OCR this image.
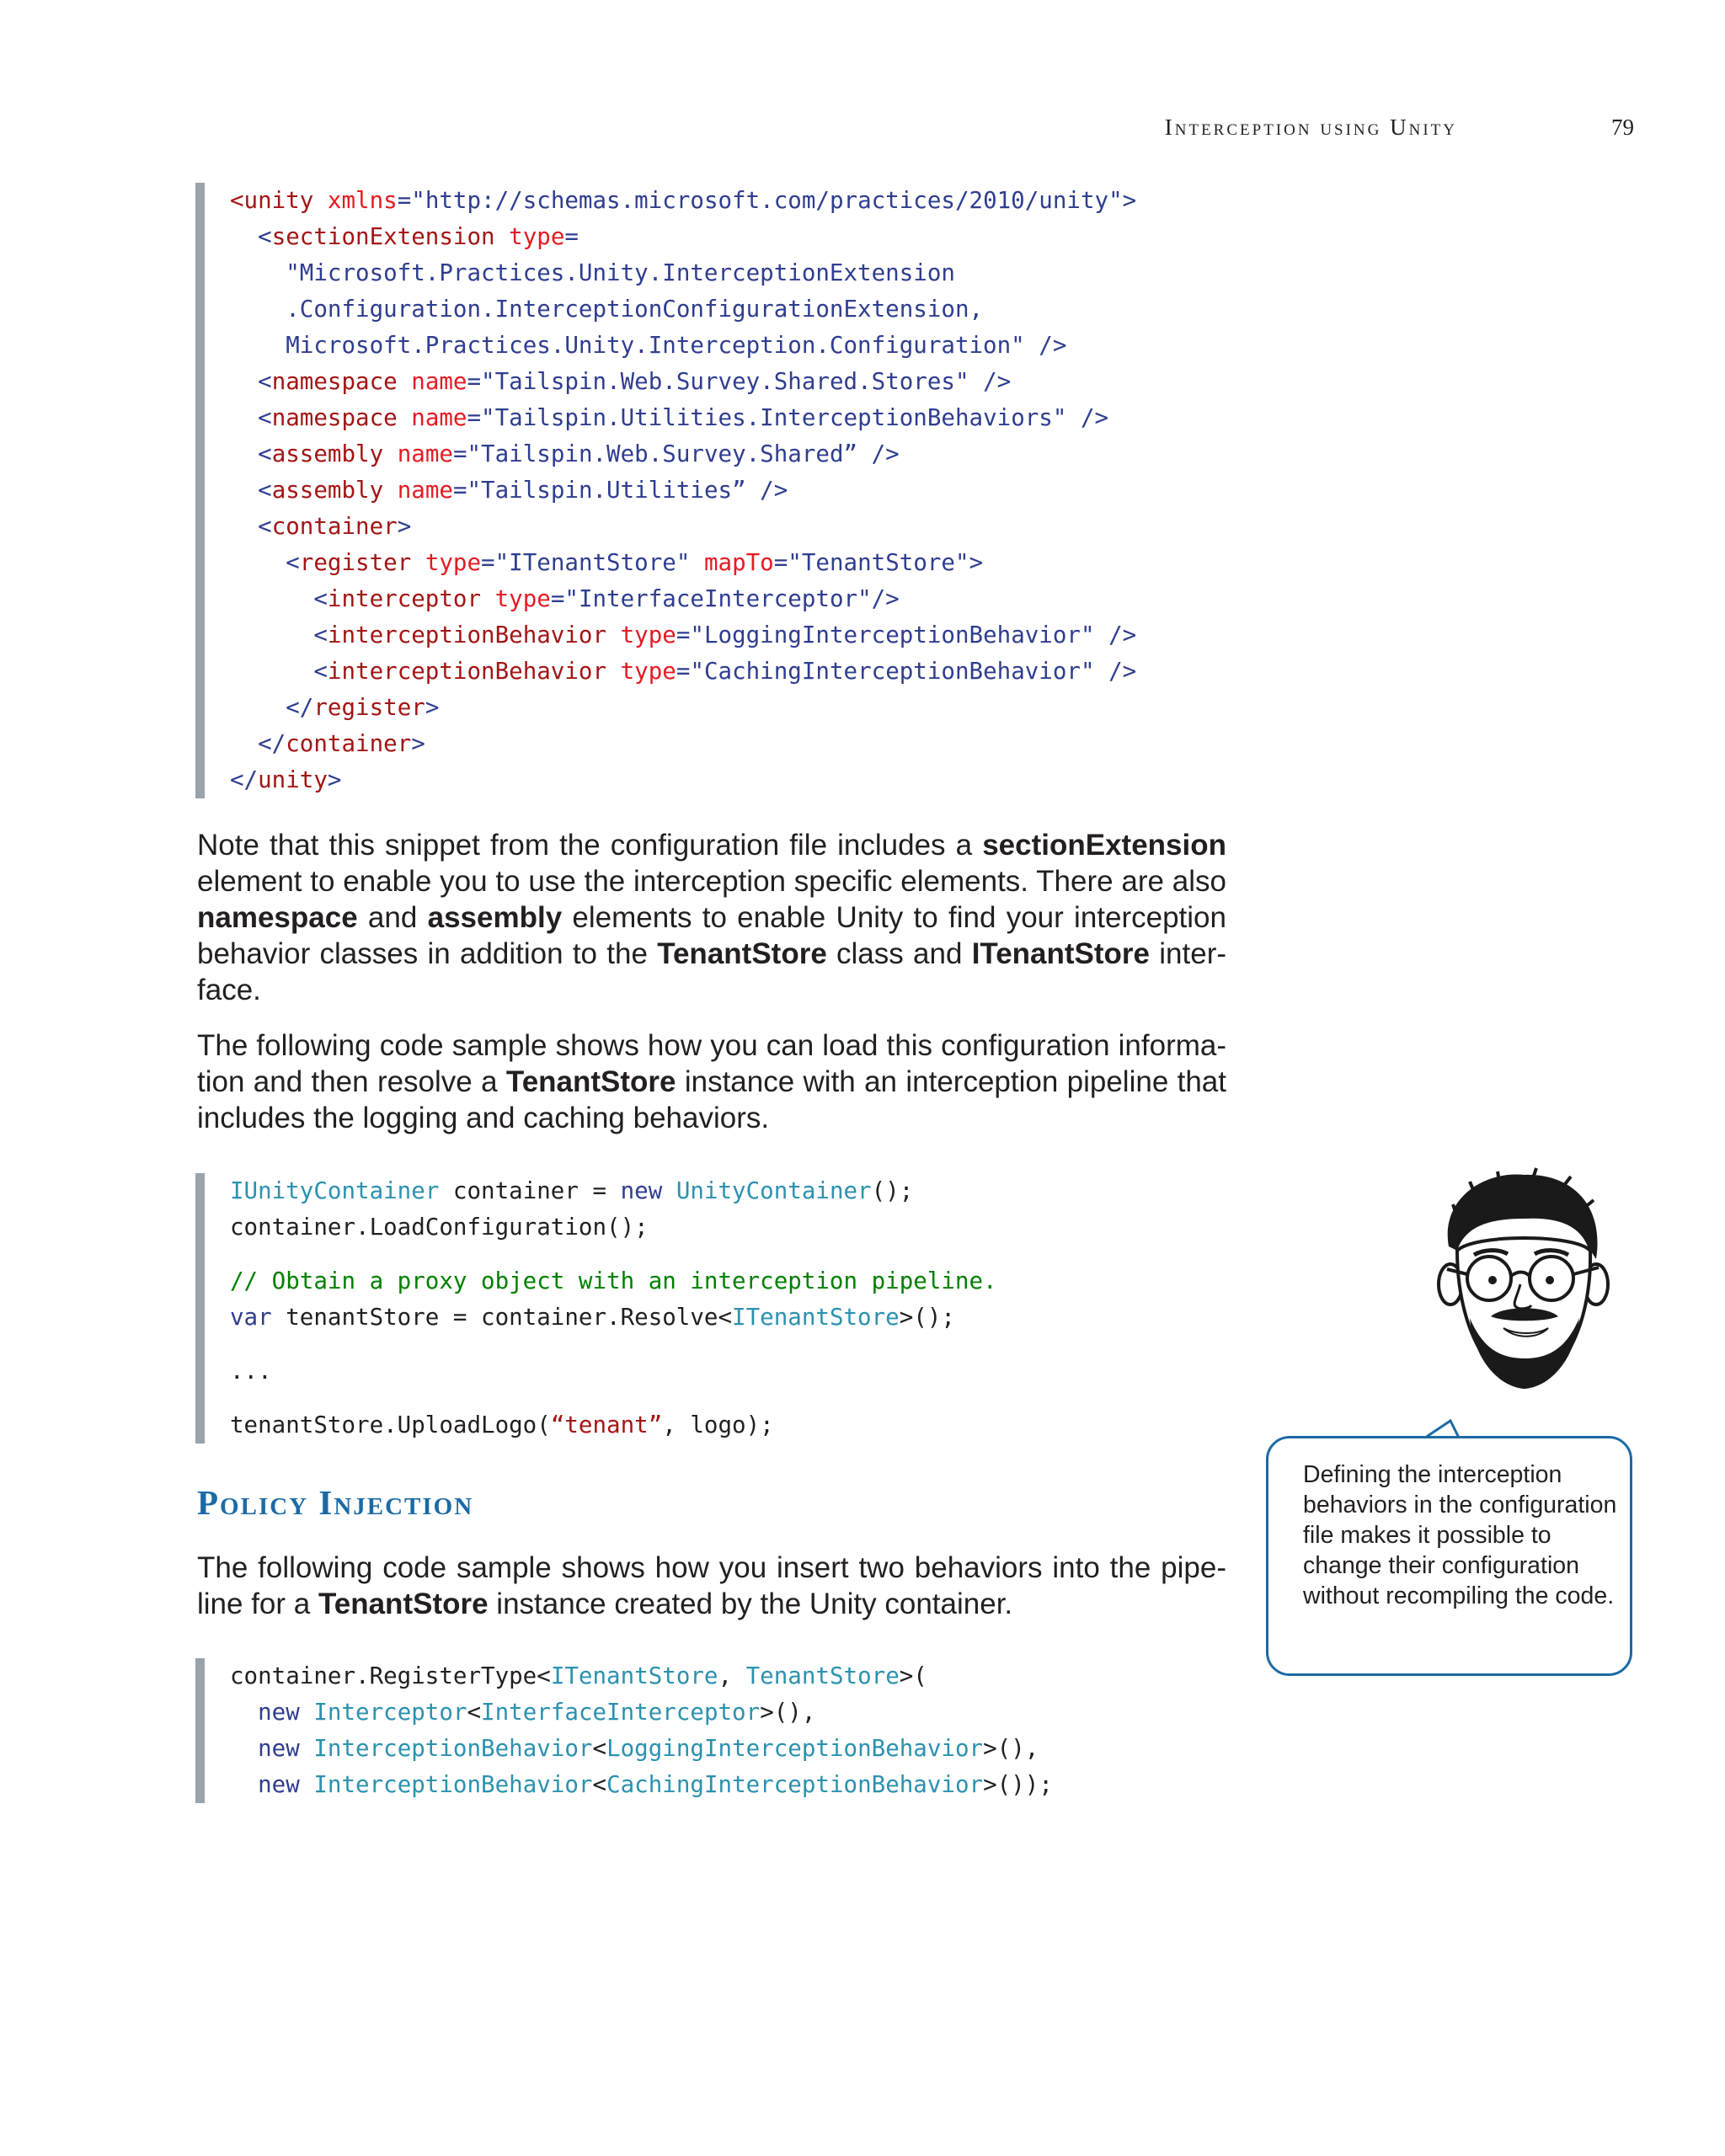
Interception using Unity	79
<unity xmlns="http://schemas.microsoft.com/practices/2010/unity">
<sectionExtension type=
"Microsoft.Practices.Unity.InterceptionExtension
.Configuration.InterceptionConfigurationExtension,
Microsoft.Practices.Unity.Interception.Configuration" />
<namespace name="Tailspin.Web.Survey.Shared.Stores" />
<namespace name="Tailspin.Utilities.InterceptionBehaviors" />
<assembly name="Tailspin.Web.Survey.Shared” />
<assembly name="Tailspin.Utilities” />
<container>
<register type="ITenantStore" mapTo="TenantStore">
<interceptor type="InterfaceInterceptor"/>
<interceptionBehavior type="LoggingInterceptionBehavior" />
<interceptionBehavior type="CachingInterceptionBehavior" />
</register>
</container>
</unity>

Note that this snippet from the configuration file includes a sectionExtension element to enable you to use the interception specific elements. There are also namespace and assembly elements to enable Unity to find your interception behavior classes in addition to the TenantStore class and ITenantStore interface.

The following code sample shows how you can load this configuration information and then resolve a TenantStore instance with an interception pipeline that includes the logging and caching behaviors.

IUnityContainer container = new UnityContainer();
container.LoadConfiguration();
// Obtain a proxy object with an interception pipeline.
var tenantStore = container.Resolve<ITenantStore>();
...
tenantStore.UploadLogo(“tenant”, logo);
Policy Injection

The following code sample shows how you insert two behaviors into the pipeline for a TenantStore instance created by the Unity container.

container.RegisterType<ITenantStore, TenantStore>(
new Interceptor<InterfaceInterceptor>(),
new InterceptionBehavior<LoggingInterceptionBehavior>(),
new InterceptionBehavior<CachingInterceptionBehavior>());
Defining the interception behaviors in the configuration file makes it possible to change their configuration without recompiling the code.
